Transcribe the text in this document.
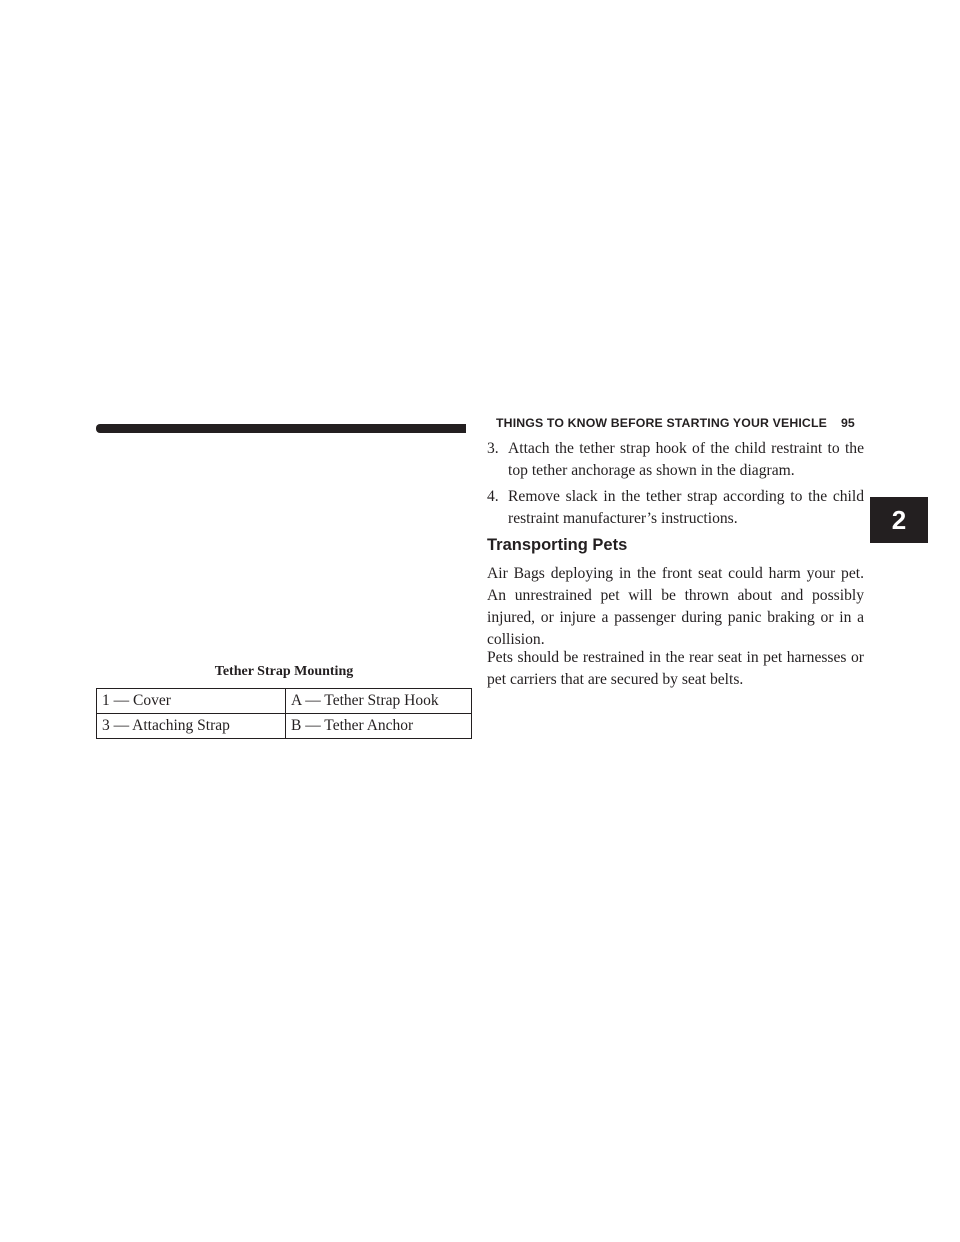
THINGS TO KNOW BEFORE STARTING YOUR VEHICLE 95
2
Tether Strap Mounting
1 — Cover	A — Tether Strap Hook
3 — Attaching Strap	B — Tether Anchor
3. Attach the tether strap hook of the child restraint to the top tether anchorage as shown in the diagram.
4. Remove slack in the tether strap according to the child restraint manufacturer’s instructions.
Transporting Pets
Air Bags deploying in the front seat could harm your pet. An unrestrained pet will be thrown about and possibly injured, or injure a passenger during panic braking or in a collision.
Pets should be restrained in the rear seat in pet harnesses or pet carriers that are secured by seat belts.
